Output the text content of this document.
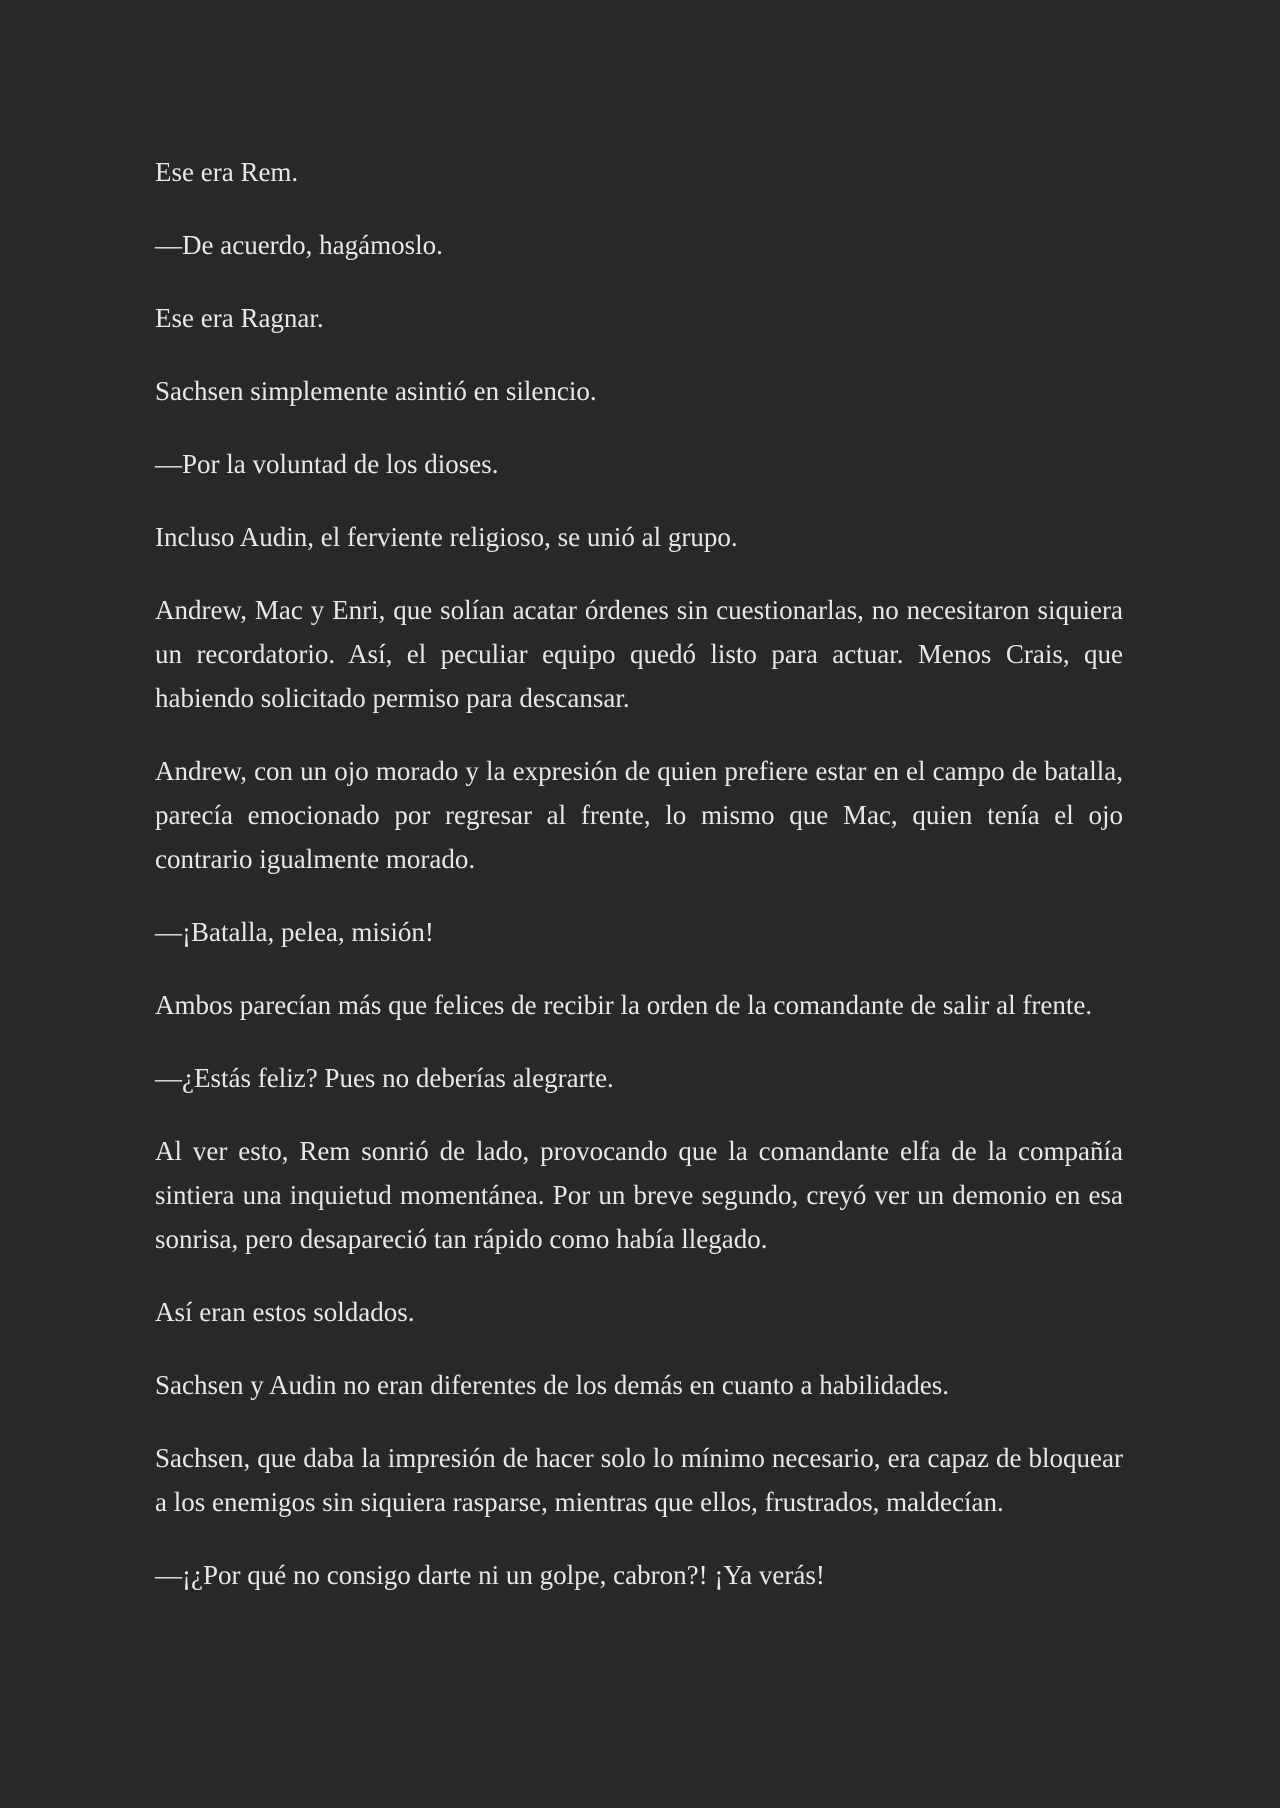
Ese era Rem.

—De acuerdo, hagámoslo.

Ese era Ragnar.

Sachsen simplemente asintió en silencio.

—Por la voluntad de los dioses.

Incluso Audin, el ferviente religioso, se unió al grupo.

Andrew, Mac y Enri, que solían acatar órdenes sin cuestionarlas, no necesitaron siquiera un recordatorio. Así, el peculiar equipo quedó listo para actuar. Menos Crais, que habiendo solicitado permiso para descansar.

Andrew, con un ojo morado y la expresión de quien prefiere estar en el campo de batalla, parecía emocionado por regresar al frente, lo mismo que Mac, quien tenía el ojo contrario igualmente morado.

—¡Batalla, pelea, misión!

Ambos parecían más que felices de recibir la orden de la comandante de salir al frente.

—¿Estás feliz? Pues no deberías alegrarte.

Al ver esto, Rem sonrió de lado, provocando que la comandante elfa de la compañía sintiera una inquietud momentánea. Por un breve segundo, creyó ver un demonio en esa sonrisa, pero desapareció tan rápido como había llegado.

Así eran estos soldados.

Sachsen y Audin no eran diferentes de los demás en cuanto a habilidades.

Sachsen, que daba la impresión de hacer solo lo mínimo necesario, era capaz de bloquear a los enemigos sin siquiera rasparse, mientras que ellos, frustrados, maldecían.

—¡¿Por qué no consigo darte ni un golpe, cabron?! ¡Ya verás!
